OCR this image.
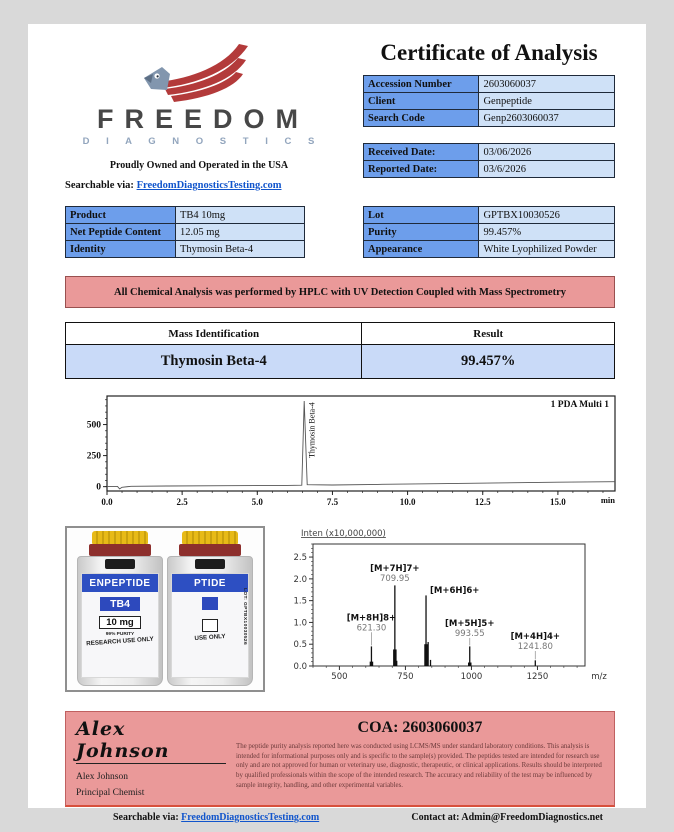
FREEDOM
D I A G N O S T I C S
Proudly Owned and Operated in the USA
Searchable via: FreedomDiagnosticsTesting.com
Certificate of Analysis
Accession Number	2603060037
Client	Genpeptide
Search Code	Genp2603060037
Received Date:	03/06/2026
Reported Date:	03/6/2026
Product	TB4 10mg
Net Peptide Content	12.05 mg
Identity	Thymosin Beta-4
Lot	GPTBX10030526
Purity	99.457%
Appearance	White Lyophilized Powder
All Chemical Analysis was performed by HPLC with UV Detection Coupled with Mass Spectrometry
Mass Identification	Result
Thymosin Beta-4	99.457%
0.0	2.5	5.0	7.5	10.0	12.5	15.0
0
250
500
min
1 PDA Multi 1
Thymosin Beta-4
ENPEPTIDE
TB4
10 mg
99% PURITY
RESEARCH USE ONLY
PTIDE

USE ONLY	LOT: GPTBX10030526
Inten (x10,000,000)
500	750	1000	1250	m/z
0.0
0.5
1.0
1.5
2.0
2.5
[M+8H]8+
621.30
[M+7H]7+
709.95
[M+6H]6+
[M+5H]5+
993.55	[M+4H]4+
1241.80
Alex Johnson
Alex Johnson
Principal Chemist
COA: 2603060037
The peptide purity analysis reported here was conducted using LCMS/MS under standard laboratory conditions. This analysis is intended for informational purposes only and is specific to the sample(s) provided. The peptides tested are intended for research use only and are not approved for human or veterinary use, diagnostic, therapeutic, or clinical applications. Results should be interpreted by qualified professionals within the scope of the intended research. The accuracy and reliability of the test may be influenced by sample integrity, handling, and other experimental variables.
Searchable via: FreedomDiagnosticsTesting.com	Contact at: Admin@FreedomDiagnostics.net
